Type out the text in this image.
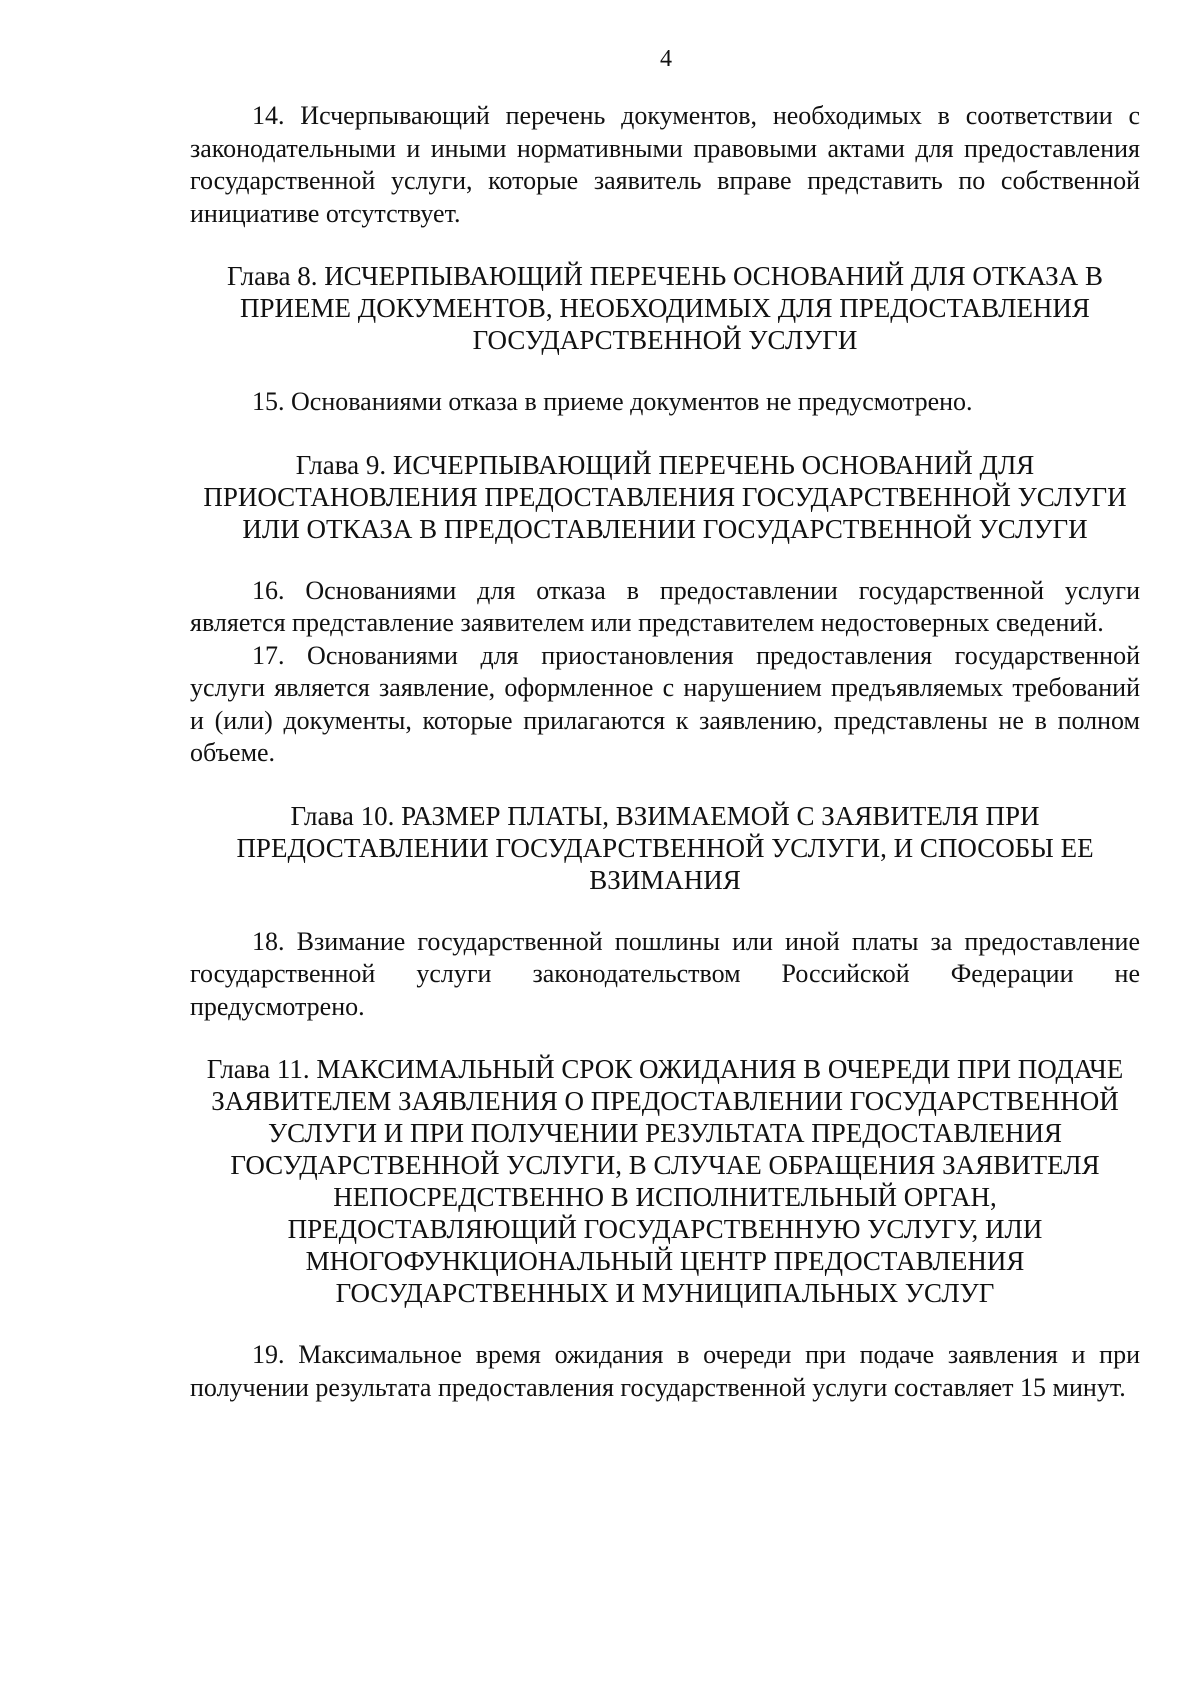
4

14. Исчерпывающий перечень документов, необходимых в соответствии с законодательными и иными нормативными правовыми актами для предоставления государственной услуги, которые заявитель вправе представить по собственной инициативе отсутствует.

Глава 8. ИСЧЕРПЫВАЮЩИЙ ПЕРЕЧЕНЬ ОСНОВАНИЙ ДЛЯ ОТКАЗА В ПРИЕМЕ ДОКУМЕНТОВ, НЕОБХОДИМЫХ ДЛЯ ПРЕДОСТАВЛЕНИЯ ГОСУДАРСТВЕННОЙ УСЛУГИ

15. Основаниями отказа в приеме документов не предусмотрено.

Глава 9. ИСЧЕРПЫВАЮЩИЙ ПЕРЕЧЕНЬ ОСНОВАНИЙ ДЛЯ ПРИОСТАНОВЛЕНИЯ ПРЕДОСТАВЛЕНИЯ ГОСУДАРСТВЕННОЙ УСЛУГИ ИЛИ ОТКАЗА В ПРЕДОСТАВЛЕНИИ ГОСУДАРСТВЕННОЙ УСЛУГИ

16. Основаниями для отказа в предоставлении государственной услуги является представление заявителем или представителем недостоверных сведений.

17. Основаниями для приостановления предоставления государственной услуги является заявление, оформленное с нарушением предъявляемых требований и (или) документы, которые прилагаются к заявлению, представлены не в полном объеме.

Глава 10. РАЗМЕР ПЛАТЫ, ВЗИМАЕМОЙ С ЗАЯВИТЕЛЯ ПРИ ПРЕДОСТАВЛЕНИИ ГОСУДАРСТВЕННОЙ УСЛУГИ, И СПОСОБЫ ЕЕ ВЗИМАНИЯ

18. Взимание государственной пошлины или иной платы за предоставление государственной услуги законодательством Российской Федерации не предусмотрено.

Глава 11. МАКСИМАЛЬНЫЙ СРОК ОЖИДАНИЯ В ОЧЕРЕДИ ПРИ ПОДАЧЕ ЗАЯВИТЕЛЕМ ЗАЯВЛЕНИЯ О ПРЕДОСТАВЛЕНИИ ГОСУДАРСТВЕННОЙ УСЛУГИ И ПРИ ПОЛУЧЕНИИ РЕЗУЛЬТАТА ПРЕДОСТАВЛЕНИЯ ГОСУДАРСТВЕННОЙ УСЛУГИ, В СЛУЧАЕ ОБРАЩЕНИЯ ЗАЯВИТЕЛЯ НЕПОСРЕДСТВЕННО В ИСПОЛНИТЕЛЬНЫЙ ОРГАН, ПРЕДОСТАВЛЯЮЩИЙ ГОСУДАРСТВЕННУЮ УСЛУГУ, ИЛИ МНОГОФУНКЦИОНАЛЬНЫЙ ЦЕНТР ПРЕДОСТАВЛЕНИЯ ГОСУДАРСТВЕННЫХ И МУНИЦИПАЛЬНЫХ УСЛУГ

19. Максимальное время ожидания в очереди при подаче заявления и при получении результата предоставления государственной услуги составляет 15 минут.
